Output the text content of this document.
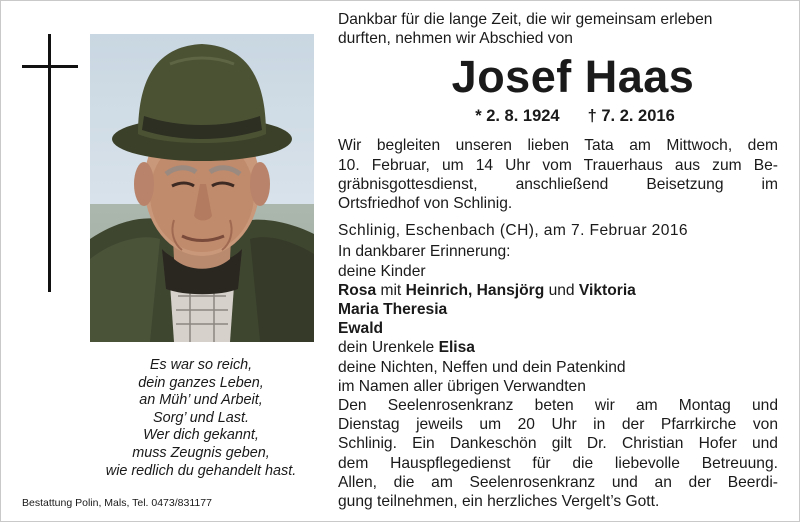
Es war so reich,
dein ganzes Leben,
an Müh’ und Arbeit,
Sorg’ und Last.
Wer dich gekannt,
muss Zeugnis geben,
wie redlich du gehandelt hast.
Bestattung Polin, Mals, Tel. 0473/831177
Dankbar für die lange Zeit, die wir gemeinsam erleben
durften, nehmen wir Abschied von
Josef Haas
* 2. 8. 1924 † 7. 2. 2016
Wir begleiten unseren lieben Tata am Mittwoch, dem
10. Februar, um 14 Uhr vom Trauerhaus aus zum Be-
gräbnisgottesdienst, anschließend Beisetzung im
Ortsfriedhof von Schlinig.
Schlinig, Eschenbach (CH), am 7. Februar 2016
In dankbarer Erinnerung:
deine Kinder
Rosa mit Heinrich, Hansjörg und Viktoria
Maria Theresia
Ewald
dein Urenkele Elisa
deine Nichten, Neffen und dein Patenkind
im Namen aller übrigen Verwandten
Den Seelenrosenkranz beten wir am Montag und
Dienstag jeweils um 20 Uhr in der Pfarrkirche von
Schlinig. Ein Dankeschön gilt Dr. Christian Hofer und
dem Hauspflegedienst für die liebevolle Betreuung.
Allen, die am Seelenrosenkranz und an der Beerdi-
gung teilnehmen, ein herzliches Vergelt’s Gott.
